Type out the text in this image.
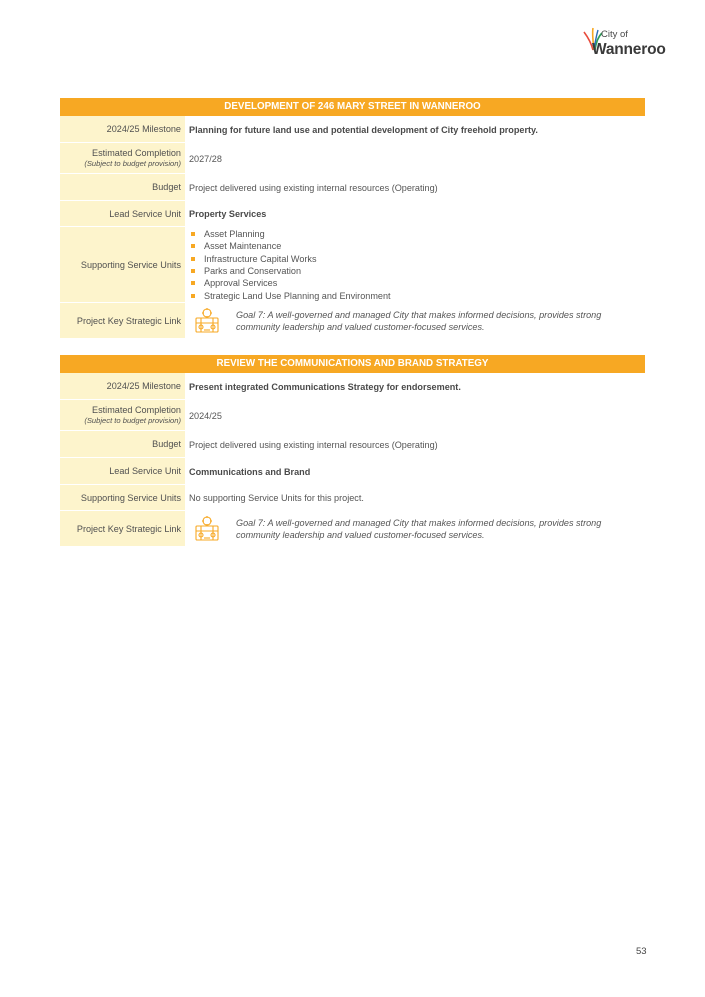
City of
Wanneroo
DEVELOPMENT OF 246 MARY STREET IN WANNEROO
2024/25 Milestone Planning for future land use and potential development of City freehold property.
Estimated Completion
(Subject to budget provision) 2027/28
Budget Project delivered using existing internal resources (Operating)
Lead Service Unit Property Services
Supporting Service Units
Asset Planning
Asset Maintenance
Infrastructure Capital Works
Parks and Conservation
Approval Services
Strategic Land Use Planning and Environment
Project Key Strategic Link
Goal 7: A well-governed and managed City that makes informed decisions, provides strong
community leadership and valued customer-focused services.
REVIEW THE COMMUNICATIONS AND BRAND STRATEGY
2024/25 Milestone Present integrated Communications Strategy for endorsement.
Estimated Completion
(Subject to budget provision) 2024/25
Budget Project delivered using existing internal resources (Operating)
Lead Service Unit Communications and Brand
Supporting Service Units No supporting Service Units for this project.
Project Key Strategic Link
Goal 7: A well-governed and managed City that makes informed decisions, provides strong
community leadership and valued customer-focused services.
53
